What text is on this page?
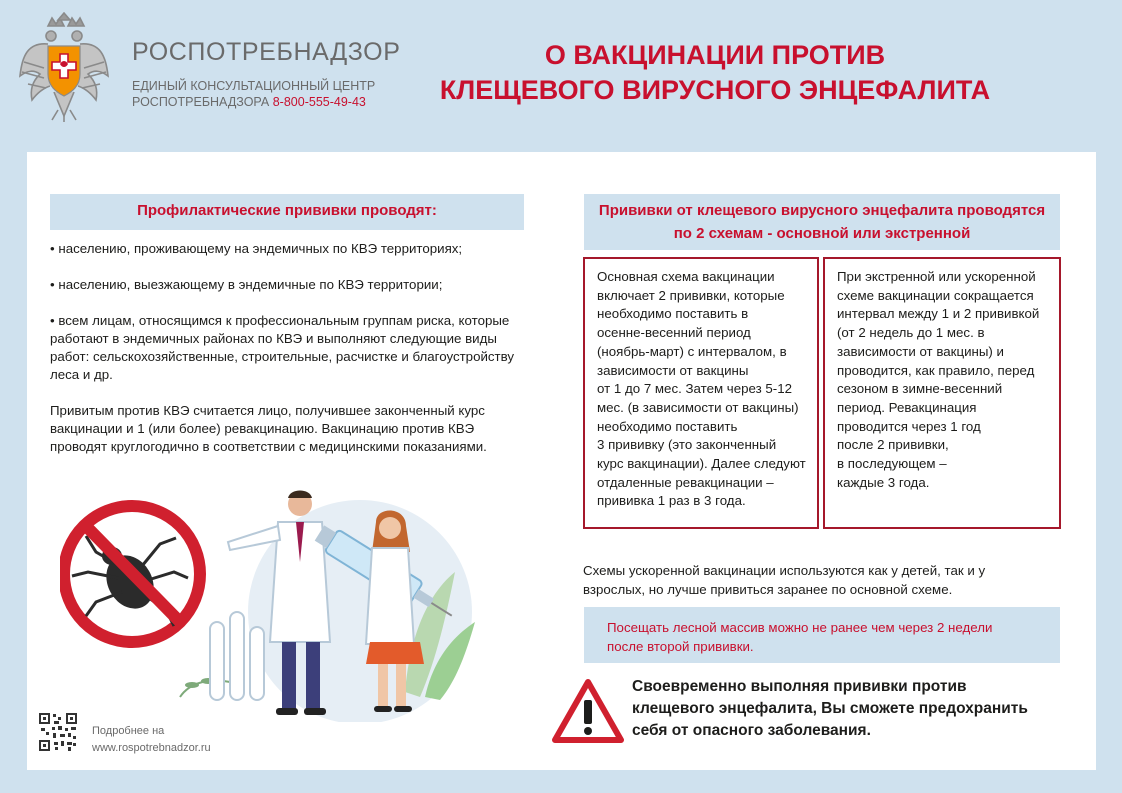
РОСПОТРЕБНАДЗОР
ЕДИНЫЙ КОНСУЛЬТАЦИОННЫЙ ЦЕНТР
РОСПОТРЕБНАДЗОРА 8-800-555-49-43
О ВАКЦИНАЦИИ ПРОТИВ
КЛЕЩЕВОГО ВИРУСНОГО ЭНЦЕФАЛИТА
Профилактические прививки проводят:

• населению, проживающему на эндемичных по КВЭ территориях;

• населению, выезжающему в эндемичные по КВЭ территории;

• всем лицам, относящимся к профессиональным группам риска, которые работают в эндемичных районах по КВЭ и выполняют следующие виды работ: сельскохозяйственные, строительные, расчистке и благоустройству леса и др.

Привитым против КВЭ считается лицо, получившее законченный курс вакцинации и 1 (или более) ревакцинацию. Вакцинацию против КВЭ проводят круглогодично в соответствии с медицинскими показаниями.

Подробнее на
www.rospotrebnadzor.ru
Прививки от клещевого вирусного энцефалита проводятся
по 2 схемам - основной или экстренной
Основная схема вакцинации
включает 2 прививки, которые
необходимо поставить в
осенне-весенний период
(ноябрь-март) с интервалом, в
зависимости от вакцины
от 1 до 7 мес. Затем через 5-12
мес. (в зависимости от вакцины)
необходимо поставить
3 прививку (это законченный
курс вакцинации). Далее следуют
отдаленные ревакцинации –
прививка 1 раз в 3 года.
При экстренной или ускоренной
схеме вакцинации сокращается
интервал между 1 и 2 прививкой
(от 2 недель до 1 мес. в
зависимости от вакцины) и
проводится, как правило, перед
сезоном в зимне-весенний
период. Ревакцинация
проводится через 1 год
после 2 прививки,
в последующем –
каждые 3 года.
Схемы ускоренной вакцинации используются как у детей, так и у
взрослых, но лучше привиться заранее по основной схеме.
Посещать лесной массив можно не ранее чем через 2 недели
после второй прививки.
Своевременно выполняя прививки против
клещевого энцефалита, Вы сможете предохранить
себя от опасного заболевания.
